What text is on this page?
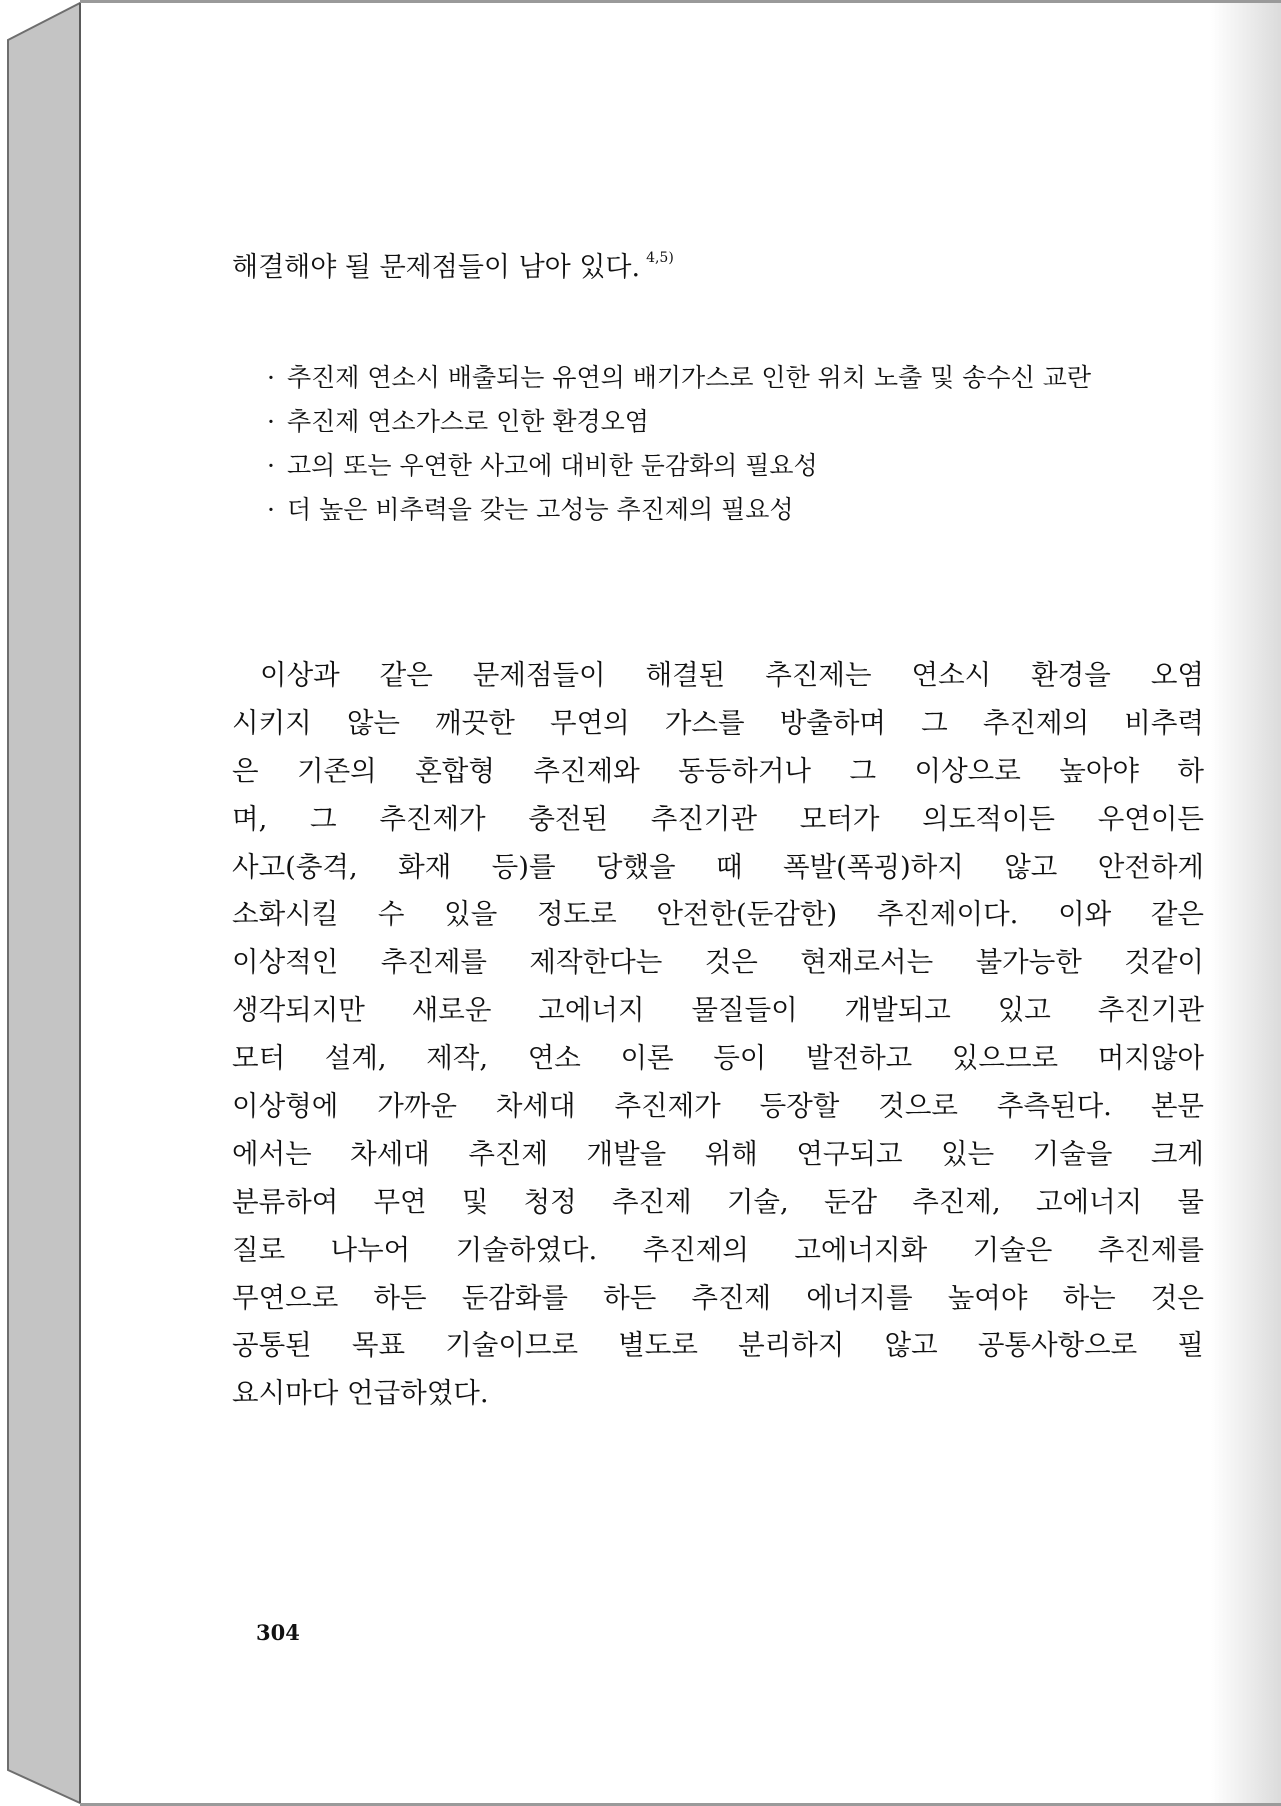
해결해야 될 문제점들이 남아 있다. $^{4,5)}$
· 추진제 연소시 배출되는 유연의 배기가스로 인한 위치 노출 및 송수신 교란
· 추진제 연소가스로 인한 환경오염
· 고의 또는 우연한 사고에 대비한 둔감화의 필요성
· 더 높은 비추력을 갖는 고성능 추진제의 필요성
이상과 같은 문제점들이 해결된 추진제는 연소시 환경을 오염
시키지 않는 깨끗한 무연의 가스를 방출하며 그 추진제의 비추력
은 기존의 혼합형 추진제와 동등하거나 그 이상으로 높아야 하
며, 그 추진제가 충전된 추진기관 모터가 의도적이든 우연이든
사고(충격, 화재 등)를 당했을 때 폭발(폭굉)하지 않고 안전하게
소화시킬 수 있을 정도로 안전한(둔감한) 추진제이다. 이와 같은
이상적인 추진제를 제작한다는 것은 현재로서는 불가능한 것같이
생각되지만 새로운 고에너지 물질들이 개발되고 있고 추진기관
모터 설계, 제작, 연소 이론 등이 발전하고 있으므로 머지않아
이상형에 가까운 차세대 추진제가 등장할 것으로 추측된다. 본문
에서는 차세대 추진제 개발을 위해 연구되고 있는 기술을 크게
분류하여 무연 및 청정 추진제 기술, 둔감 추진제, 고에너지 물
질로 나누어 기술하였다. 추진제의 고에너지화 기술은 추진제를
무연으로 하든 둔감화를 하든 추진제 에너지를 높여야 하는 것은
공통된 목표 기술이므로 별도로 분리하지 않고 공통사항으로 필
요시마다 언급하였다.
304
